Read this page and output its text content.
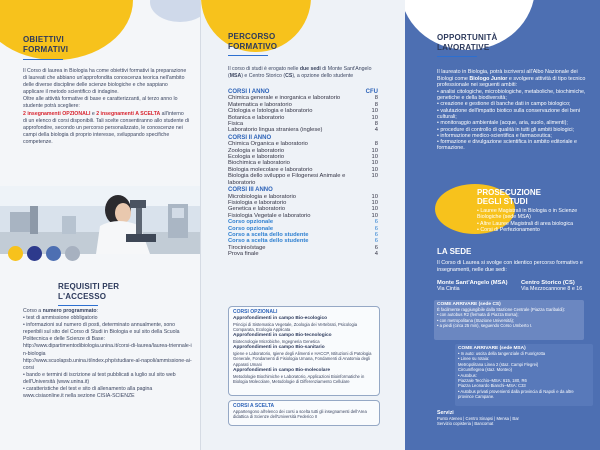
OBIETTIVI
FORMATIVI
Il Corso di laurea in Biologia ha come obiettivi formativi la preparazione di laureati che abbiano un'approfondita conoscenza teorica nell'ambito delle diverse discipline delle scienze biologiche e che sappiano applicare il metodo scientifico di indagine.
Oltre alle attività formative di base e caratterizzanti, al terzo anno lo studente potrà scegliere:
2 insegnamenti OPZIONALI e 2 insegnamenti A SCELTA all'interno di un elenco di corsi disponibili. Tali scelte consentiranno allo studente di approfondire, secondo un percorso personalizzato, le conoscenze nei campi della biologia di proprio interesse, sviluppando specifiche competenze.
REQUISITI PER
L'ACCESSO
Corso a numero programmato:
• test di ammissione obbligatorio
• informazioni sul numero di posti, determinato annualmente, sono reperibili sul sito del Corso di Studi in Biologia e sul sito della Scuola Politecnica e delle Scienze di Base:
http://www.dipartimentodibiologia.unina.it/corsi-di-laurea/laurea-triennale-in-biologia
http://www.scuolapsb.unina.it/index.php/studiare-al-napoli/ammissione-ai-corsi
• bando e termini di iscrizione al test pubblicati a luglio sul sito web dell'Università (www.unina.it)
• caratteristiche del test e sito di allenamento alla pagina www.cisiaonline.it nella sezione CISIA-SCIENZE
PERCORSO
FORMATIVO
Il corso di studi è erogato nelle due sedi di Monte Sant'Angelo (MSA) e Centro Storico (CS), a opzione dello studente
CORSI I ANNO	CFU
Chimica generale e inorganica e laboratorio	8
Matematica e laboratorio	8
Citologia e Istologia e laboratorio	10
Botanica e laboratorio	10
Fisica	8
Laboratorio lingua straniera (inglese)	4
CORSI II ANNO
Chimica Organica e laboratorio	8
Zoologia e laboratorio	10
Ecologia e laboratorio	10
Biochimica e laboratorio	10
Biologia molecolare e laboratorio	10
Biologia dello sviluppo e Filogenesi Animale e laboratorio
10
CORSI III ANNO
Microbiologia e laboratorio	10
Fisiologia e laboratorio	10
Genetica e laboratorio	10
Fisiologia Vegetale e laboratorio	10
Corso opzionale	6
Corso opzionale	6
Corso a scelta dello studente	6
Corso a scelta dello studente	6
Tirocinio/stage	6
Prova finale	4
CORSI OPZIONALI
Approfondimenti in campo Bio-ecologico
Principi di Sistematica Vegetale, Zoologia dei Vertebrati, Psicologia Comparata, Ecologia Applicata
Approfondimenti in campo Bio-tecnologico
Biotecnologie Microbiche, Ingegneria Genetica
Approfondimenti in campo Bio-sanitario
Igiene e Laboratorio, Igiene degli Alimenti e HACCP, Istituzioni di Patologia Generale, Fondamenti di Fisiologia Umana, Fondamenti di Anatomia degli Apparati Umani
Approfondimenti in campo Bio-molecolare
Metodologie Biochimiche e Laboratorio, Applicazioni Bioinformatiche in Biologia Molecolare, Metodologie di Differenziamento Cellulare
CORSI A SCELTA
Appartengono all'elenco dei corsi a scelta tutti gli insegnamenti dell'Area didattica di Scienze dell'Università Federico II
OPPORTUNITÀ
LAVORATIVE
Il laureato in Biologia, potrà iscriversi all'Albo Nazionale dei Biologi come Biologo Junior e svolgere attività di tipo tecnico professionale nei seguenti ambiti:
• analisi citologiche, microbiologiche, metaboliche, biochimiche, genetiche e della biodiversità;
• creazione e gestione di banche dati in campo biologico;
• valutazione dell'impatto biotico sulla conservazione dei beni culturali;
• monitoraggio ambientale (acque, aria, suolo, alimenti);
• procedure di controllo di qualità in tutti gli ambiti biologici;
• informazione medico-scientifica e farmaceutica;
• formazione e divulgazione scientifica in ambito editoriale e formazione.
PROSECUZIONE
DEGLI STUDI
• Lauree Magistrali in Biologia o in Scienze Biologiche (sede MSA)
• Altre Lauree Magistrali di area biologica
• Corsi di Perfezionamento
LA SEDE
Il Corso di Laurea si svolge con identico percorso formativo e insegnamenti, nelle due sedi:
Monte Sant'Angelo (MSA)
Via Cintia
Centro Storico (CS)
Via Mezzocannone 8 e 16
COME ARRIVARE (sede CS)
È facilmente raggiungibile dalla Stazione Centrale (Piazza Garibaldi):
• con autobus R2 (fermata di Piazza Borsa);
• con metropolitana (Stazione Università);
• a piedi (circa 25 min), seguendo Corso Umberto I.
COME ARRIVARE (sede MSA)
• In auto: uscita della tangenziale di Fuorigrotta
• Linee su rotaia:
Metropolitana Linea 2 (staz. Campi Flegrei)
Circumflegrea (staz. Monteo)
• Autobus:
Piazzale Tecchio–MSA: 615, 180, R6
Piazza Leonardo Bianchi–MSA: C33
• Autobus privati provenienti dalla provincia di Napoli e da altre province Campane.
Servizi
Punto Ateneo | Centro Sinapsi | Mensa | Bar
Servizio copisteria | Bancomat
